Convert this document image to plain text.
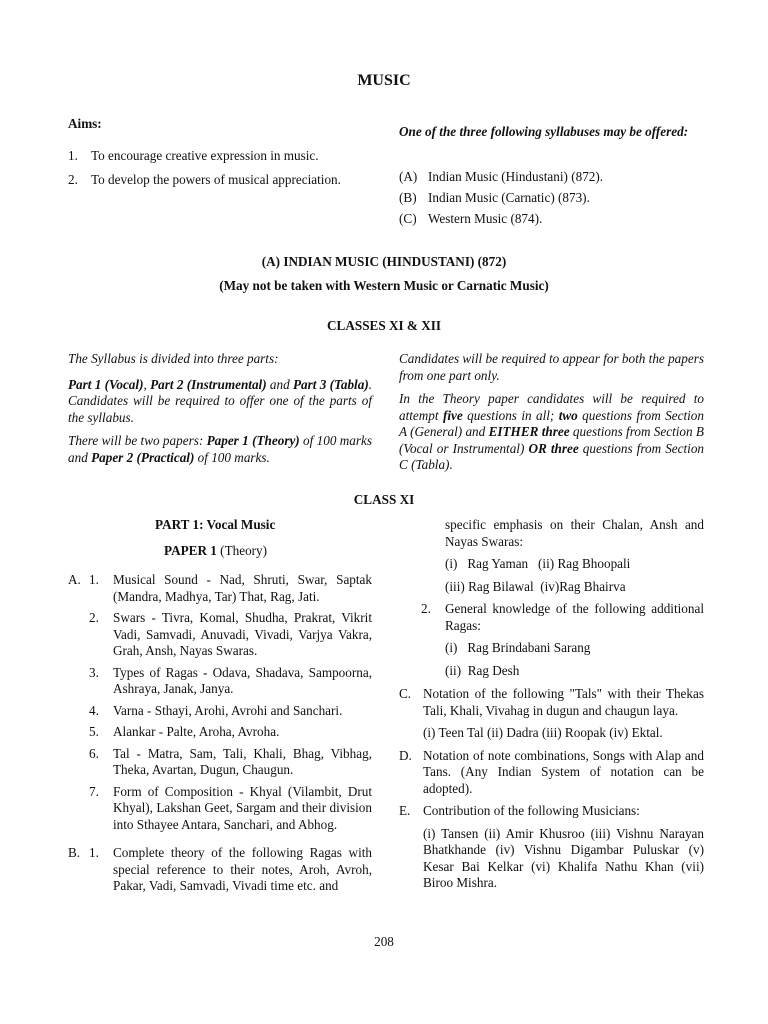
MUSIC
Aims:
1. To encourage creative expression in music.
2. To develop the powers of musical appreciation.
One of the three following syllabuses may be offered:
(A) Indian Music (Hindustani) (872).
(B) Indian Music (Carnatic) (873).
(C) Western Music (874).
(A) INDIAN MUSIC (HINDUSTANI) (872)
(May not be taken with Western Music or Carnatic Music)
CLASSES XI & XII

The Syllabus is divided into three parts:

Part 1 (Vocal), Part 2 (Instrumental) and Part 3 (Tabla). Candidates will be required to offer one of the parts of the syllabus.

There will be two papers: Paper 1 (Theory) of 100 marks and Paper 2 (Practical) of 100 marks.

Candidates will be required to appear for both the papers from one part only.

In the Theory paper candidates will be required to attempt five questions in all; two questions from Section A (General) and EITHER three questions from Section B (Vocal or Instrumental) OR three questions from Section C (Tabla).

CLASS XI
PART 1: Vocal Music
PAPER 1 (Theory)
A. 1.	Musical Sound - Nad, Shruti, Swar, Saptak (Mandra, Madhya, Tar) That, Rag, Jati.
2.	Swars - Tivra, Komal, Shudha, Prakrat, Vikrit Vadi, Samvadi, Anuvadi, Vivadi, Varjya Vakra, Grah, Ansh, Nayas Swaras.
3.	Types of Ragas - Odava, Shadava, Sampoorna, Ashraya, Janak, Janya.
4.	Varna - Sthayi, Arohi, Avrohi and Sanchari.
5.	Alankar - Palte, Aroha, Avroha.
6.	Tal - Matra, Sam, Tali, Khali, Bhag, Vibhag, Theka, Avartan, Dugun, Chaugun.
7.	Form of Composition - Khyal (Vilambit, Drut Khyal), Lakshan Geet, Sargam and their division into Sthayee Antara, Sanchari, and Abhog.
B. 1.	Complete theory of the following Ragas with special reference to their notes, Aroh, Avroh, Pakar, Vadi, Samvadi, Vivadi time etc. and
specific emphasis on their Chalan, Ansh and Nayas Swaras:
(i)   Rag Yaman   (ii) Rag Bhoopali
(iii) Rag Bilawal  (iv)Rag Bhairva
2.	General knowledge of the following additional Ragas:
(i)   Rag Brindabani Sarang
(ii)  Rag Desh
C. Notation of the following "Tals" with their Thekas Tali, Khali, Vivahag in dugun and chaugun laya.
(i) Teen Tal (ii) Dadra (iii) Roopak (iv) Ektal.
D. Notation of note combinations, Songs with Alap and Tans. (Any Indian System of notation can be adopted).
E. Contribution of the following Musicians:
(i) Tansen (ii) Amir Khusroo (iii) Vishnu Narayan Bhatkhande (iv) Vishnu Digambar Puluskar (v) Kesar Bai Kelkar (vi) Khalifa Nathu Khan (vii) Biroo Mishra.
208
